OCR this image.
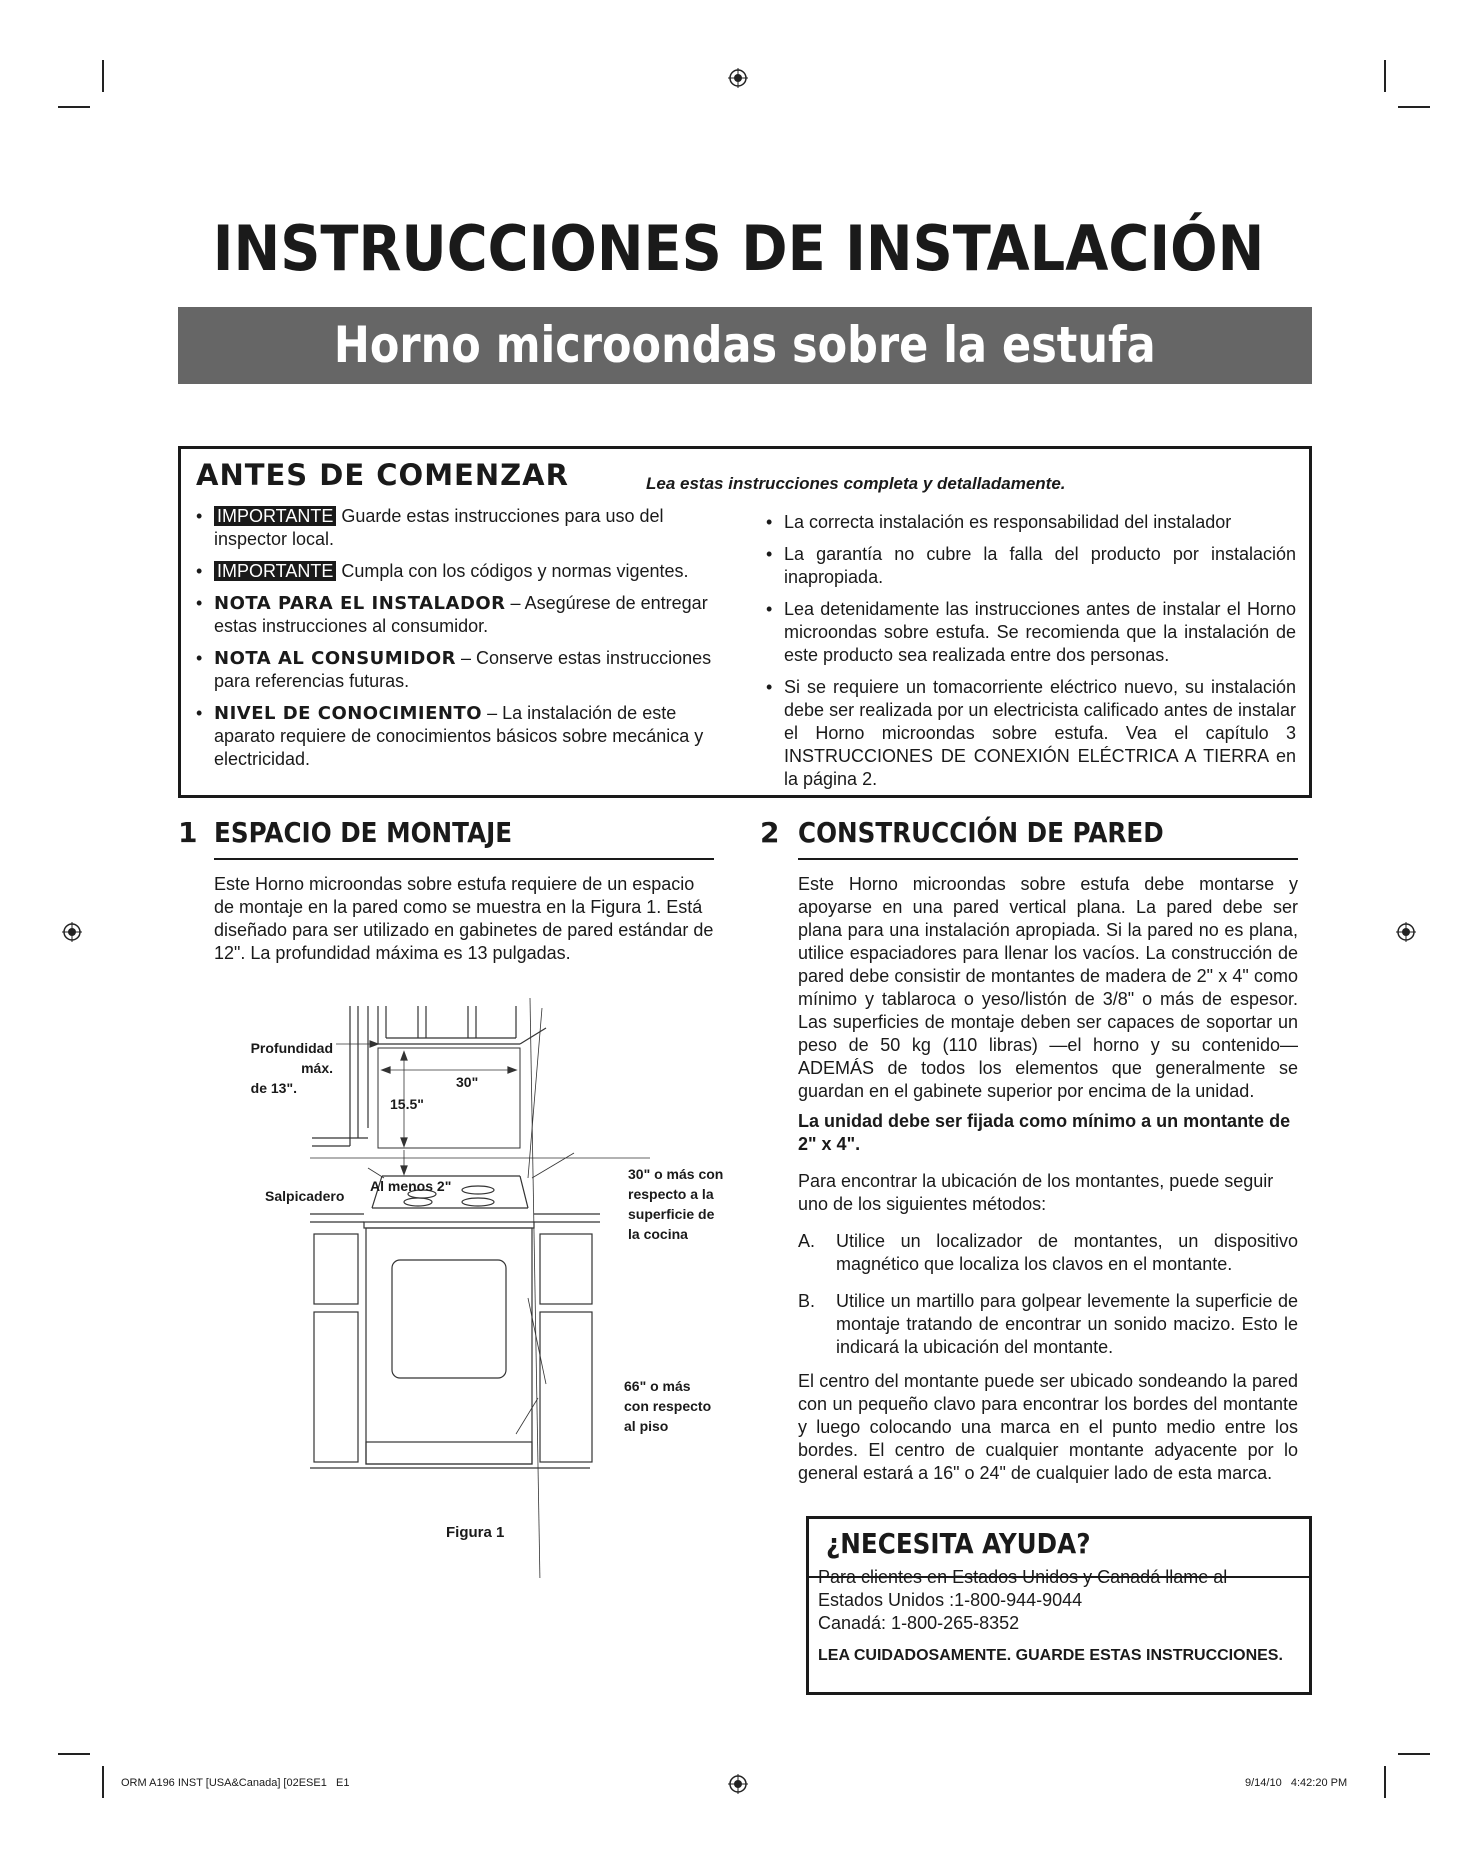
INSTRUCCIONES DE INSTALACIÓN
Horno microondas sobre la estufa
ANTES DE COMENZAR	Lea estas instrucciones completa y detalladamente.
• IMPORTANTE Guarde estas instrucciones para uso del inspector local.
• IMPORTANTE Cumpla con los códigos y normas vigentes.
• NOTA PARA EL INSTALADOR – Asegúrese de entregar estas instrucciones al consumidor.
• NOTA AL CONSUMIDOR – Conserve estas instrucciones para referencias futuras.
• NIVEL DE CONOCIMIENTO – La instalación de este aparato requiere de conocimientos básicos sobre mecánica y electricidad.
• La correcta instalación es responsabilidad del instalador
• La garantía no cubre la falla del producto por instalación inapropiada.
• Lea detenidamente las instrucciones antes de instalar el Horno microondas sobre estufa. Se recomienda que la instalación de este producto sea realizada entre dos personas.
• Si se requiere un tomacorriente eléctrico nuevo, su instalación debe ser realizada por un electricista calificado antes de instalar el Horno microondas sobre estufa. Vea el capítulo 3 INSTRUCCIONES DE CONEXIÓN ELÉCTRICA A TIERRA en la página 2.
1 ESPACIO DE MONTAJE
Este Horno microondas sobre estufa requiere de un espacio de montaje en la pared como se muestra en la Figura 1. Está diseñado para ser utilizado en gabinetes de pared estándar de 12". La profundidad máxima es 13 pulgadas.
Profundidad máx.
de 13".	30"
15.5"
Salpicadero
Al menos 2"
30" o más con
respecto a la
superficie de
la cocina
66" o más
con respecto
al piso
Figura 1
2 CONSTRUCCIÓN DE PARED
Este Horno microondas sobre estufa debe montarse y apoyarse en una pared vertical plana. La pared debe ser plana para una instalación apropiada. Si la pared no es plana, utilice espaciadores para llenar los vacíos. La construcción de pared debe consistir de montantes de madera de 2" x 4" como mínimo y tablaroca o yeso/listón de 3/8" o más de espesor. Las superficies de montaje deben ser capaces de soportar un peso de 50 kg (110 libras) —el horno y su contenido—ADEMÁS de todos los elementos que generalmente se guardan en el gabinete superior por encima de la unidad.
La unidad debe ser fijada como mínimo a un montante de 2" x 4".
Para encontrar la ubicación de los montantes, puede seguir uno de los siguientes métodos:
A. Utilice un localizador de montantes, un dispositivo magnético que localiza los clavos en el montante.
B. Utilice un martillo para golpear levemente la superficie de montaje tratando de encontrar un sonido macizo. Esto le indicará la ubicación del montante.
El centro del montante puede ser ubicado sondeando la pared con un pequeño clavo para encontrar los bordes del montante y luego colocando una marca en el punto medio entre los bordes. El centro de cualquier montante adyacente por lo general estará a 16" o 24" de cualquier lado de esta marca.
¿NECESITA AYUDA?
Para clientes en Estados Unidos y Canadá llame al
Estados Unidos :1-800-944-9044
Canadá: 1-800-265-8352
LEA CUIDADOSAMENTE. GUARDE ESTAS INSTRUCCIONES.
ORM A196 INST [USA&Canada] [02ESE1   E1	9/14/10   4:42:20 PM
